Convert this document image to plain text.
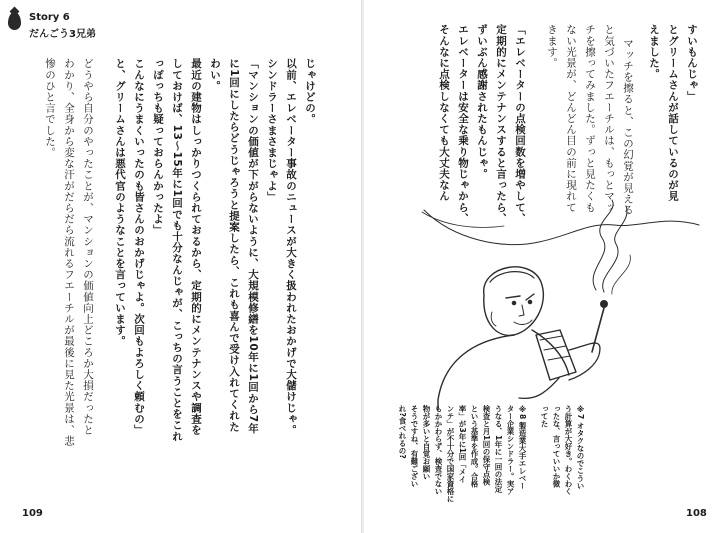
Story 6
だんごう3兄弟
じゃけどの。
以前、エレベーター事故のニュースが大きく扱われたおかげで大儲けじゃ。
シンドラーさまさまじゃよ」
「マンションの価値が下がらないように、大規模修繕を10年に1回から7年
に1回にしたらどうじゃろうと提案したら、これも喜んで受け入れてくれた
わい。
最近の建物はしっかりつくられておるから、定期的にメンテナンスや調査を
しておけば、13〜15年に1回でも十分なんじゃが、こっちの言うことをこれ
っぽっちも疑っておらんかったよ」
こんなにうまくいったのも皆さんのおかげじゃよ。次回もよろしく頼むの」
と、グリームさんは悪代官のようなことを言っています。
どうやら自分のやったことが、マンションの価値向上どころか大損だったと
わかり、全身から変な汗がだらだら流れるフエーチルが最後に見た光景は、悲
惨のひと言でした。
109
すいもんじゃ」
とグリームさんが話しているのが見
えました。
マッチを擦ると、この幻覚が見える
と気づいたフエーチルは、もっとマッ
チを擦ってみました。ずっと見たくも
ない光景が、どんどん目の前に現れて
きます。
「エレベーターの点検回数を増やして、
定期的にメンテナンスすると言ったら、
ずいぶん感謝されたもんじゃ。
エレベーターは安全な乗り物じゃから、
そんなに点検しなくても大丈夫なん
※7 オタクなのでこうい
う計算が大好き。わくわく
ったな、言っていいか微
ってた
※8 製造業大手エレベー
ター企業シンドラー。実ア
うなる、1年に一回の法定
検査と月1回の保守点検
という基準を作成。合格
率」が3年に1回「メイ
ンテ」が不十分で国家資格に
もかかわらず、検査でない
物が多いと自覚お願い
そうですね、有難ござい
れ?食べれるの?
108
